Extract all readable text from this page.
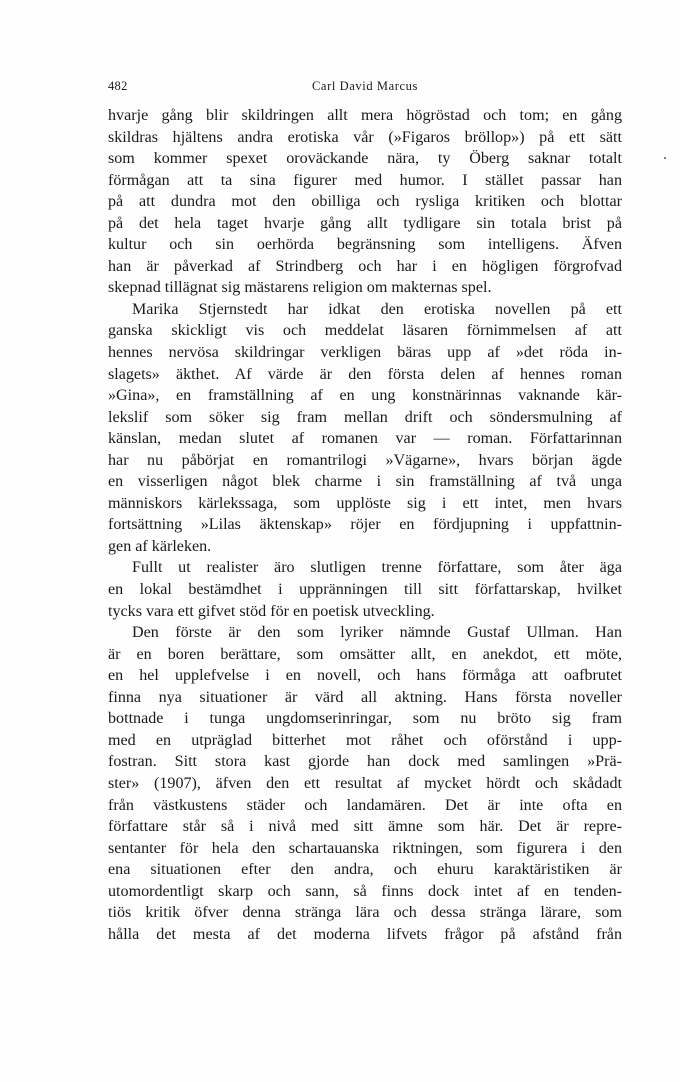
482	Carl David Marcus
hvarje gång blir skildringen allt mera högröstad och tom; en gång
skildras hjältens andra erotiska vår (»Figaros bröllop») på ett sätt
som kommer spexet oroväckande nära, ty Öberg saknar totalt
förmågan att ta sina figurer med humor. I stället passar han
på att dundra mot den obilliga och rysliga kritiken och blottar
på det hela taget hvarje gång allt tydligare sin totala brist på
kultur och sin oerhörda begränsning som intelligens. Äfven
han är påverkad af Strindberg och har i en högligen förgrofvad
skepnad tillägnat sig mästarens religion om makternas spel.
Marika Stjernstedt har idkat den erotiska novellen på ett
ganska skickligt vis och meddelat läsaren förnimmelsen af att
hennes nervösa skildringar verkligen bäras upp af »det röda in-
slagets» äkthet. Af värde är den första delen af hennes roman
»Gina», en framställning af en ung konstnärinnas vaknande kär-
lekslif som söker sig fram mellan drift och söndersmulning af
känslan, medan slutet af romanen var — roman. Författarinnan
har nu påbörjat en romantrilogi »Vägarne», hvars början ägde
en visserligen något blek charme i sin framställning af två unga
människors kärlekssaga, som upplöste sig i ett intet, men hvars
fortsättning »Lilas äktenskap» röjer en fördjupning i uppfattnin-
gen af kärleken.
Fullt ut realister äro slutligen trenne författare, som åter äga
en lokal bestämdhet i uppränningen till sitt författarskap, hvilket
tycks vara ett gifvet stöd för en poetisk utveckling.
Den förste är den som lyriker nämnde Gustaf Ullman. Han
är en boren berättare, som omsätter allt, en anekdot, ett möte,
en hel upplefvelse i en novell, och hans förmåga att oafbrutet
finna nya situationer är värd all aktning. Hans första noveller
bottnade i tunga ungdomserinringar, som nu bröto sig fram
med en utpräglad bitterhet mot råhet och oförstånd i upp-
fostran. Sitt stora kast gjorde han dock med samlingen »Prä-
ster» (1907), äfven den ett resultat af mycket hördt och skådadt
från västkustens städer och landamären. Det är inte ofta en
författare står så i nivå med sitt ämne som här. Det är repre-
sentanter för hela den schartauanska riktningen, som figurera i den
ena situationen efter den andra, och ehuru karaktäristiken är
utomordentligt skarp och sann, så finns dock intet af en tenden-
tiös kritik öfver denna stränga lära och dessa stränga lärare, som
hålla det mesta af det moderna lifvets frågor på afstånd från
